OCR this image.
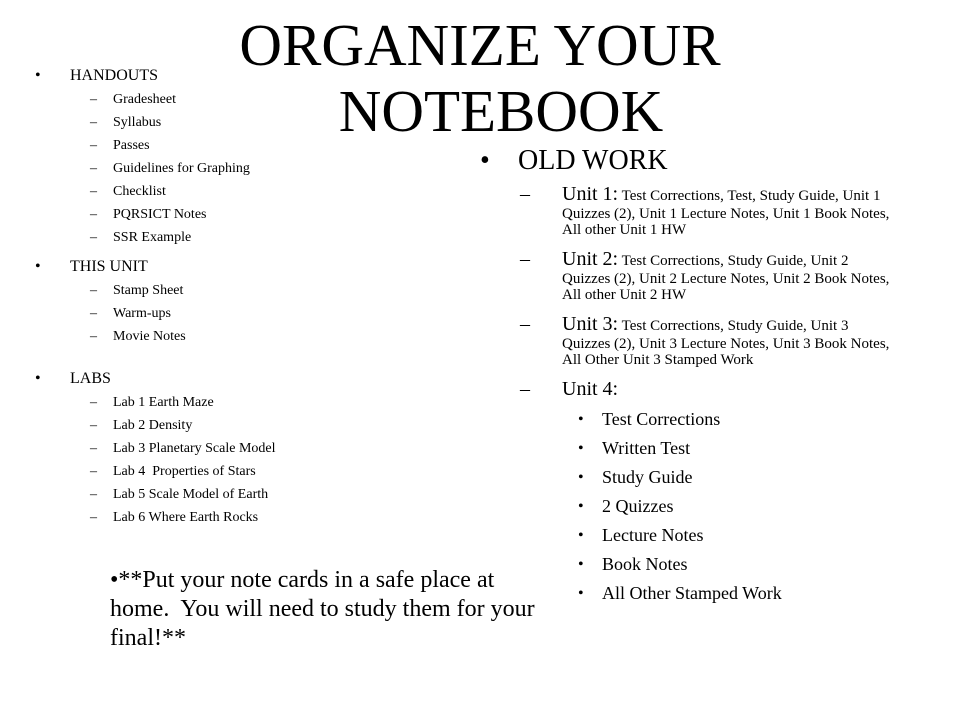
ORGANIZE YOUR
NOTEBOOK
• HANDOUTS
– Gradesheet
– Syllabus
– Passes
– Guidelines for Graphing
– Checklist
– PQRSICT Notes
– SSR Example
• THIS UNIT
– Stamp Sheet
– Warm-ups
– Movie Notes
• LABS
– Lab 1 Earth Maze
– Lab 2 Density
– Lab 3 Planetary Scale Model
– Lab 4  Properties of Stars
– Lab 5 Scale Model of Earth
– Lab 6 Where Earth Rocks
•**Put your note cards in a safe place at home.  You will need to study them for your final!**
• OLD WORK
– Unit 1: Test Corrections, Test, Study Guide, Unit 1 Quizzes (2), Unit 1 Lecture Notes, Unit 1 Book Notes, All other Unit 1 HW
– Unit 2: Test Corrections, Study Guide, Unit 2 Quizzes (2), Unit 2 Lecture Notes, Unit 2 Book Notes, All other Unit 2 HW
– Unit 3: Test Corrections, Study Guide, Unit 3 Quizzes (2), Unit 3 Lecture Notes, Unit 3 Book Notes, All Other Unit 3 Stamped Work
– Unit 4:
• Test Corrections
• Written Test
• Study Guide
• 2 Quizzes
• Lecture Notes
• Book Notes
• All Other Stamped Work
